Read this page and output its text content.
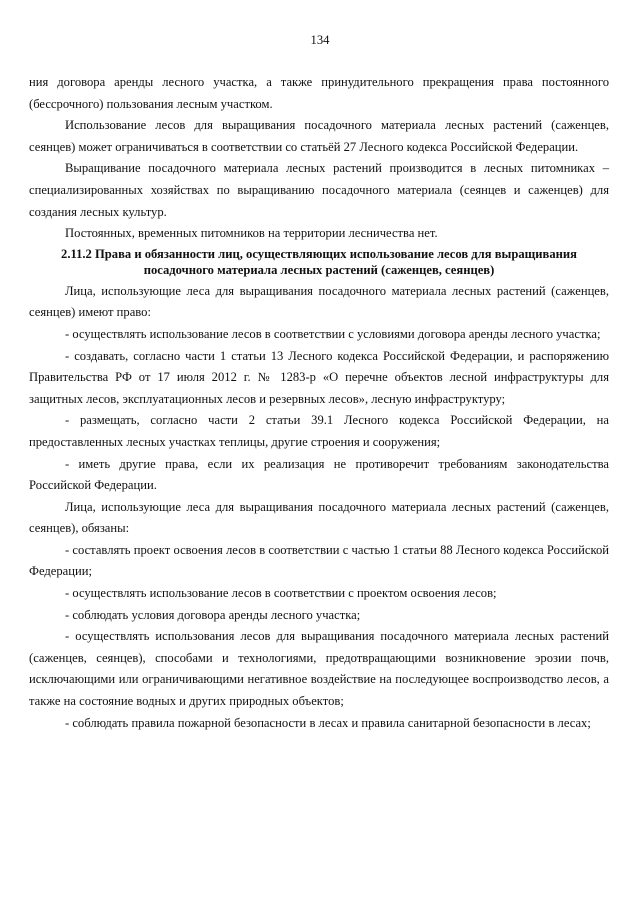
134

ния договора аренды лесного участка, а также принудительного прекращения права постоянного (бессрочного) пользования лесным участком.

Использование лесов для выращивания посадочного материала лесных растений (саженцев, сеянцев) может ограничиваться в соответствии со статьёй 27 Лесного кодекса Российской Федерации.

Выращивание посадочного материала лесных растений производится в лесных питомниках – специализированных хозяйствах по выращиванию посадочного материала (сеянцев и саженцев) для создания лесных культур.

Постоянных, временных питомников на территории лесничества нет.

2.11.2 Права и обязанности лиц, осуществляющих использование лесов для выращивания посадочного материала лесных растений (саженцев, сеянцев)

Лица, использующие леса для выращивания посадочного материала лесных растений (саженцев, сеянцев) имеют право:

- осуществлять использование лесов в соответствии с условиями договора аренды лесного участка;

- создавать, согласно части 1 статьи 13 Лесного кодекса Российской Федерации, и распоряжению Правительства РФ от 17 июля 2012 г. № 1283-р «О перечне объектов лесной инфраструктуры для защитных лесов, эксплуатационных лесов и резервных лесов», лесную инфраструктуру;

- размещать, согласно части 2 статьи 39.1 Лесного кодекса Российской Федерации, на предоставленных лесных участках теплицы, другие строения и сооружения;

- иметь другие права, если их реализация не противоречит требованиям законодательства Российской Федерации.

Лица, использующие леса для выращивания посадочного материала лесных растений (саженцев, сеянцев), обязаны:

- составлять проект освоения лесов в соответствии с частью 1 статьи 88 Лесного кодекса Российской Федерации;

- осуществлять использование лесов в соответствии с проектом освоения лесов;

- соблюдать условия договора аренды лесного участка;

- осуществлять использования лесов для выращивания посадочного материала лесных растений (саженцев, сеянцев), способами и технологиями, предотвращающими возникновение эрозии почв, исключающими или ограничивающими негативное воздействие на последующее воспроизводство лесов, а также на состояние водных и других природных объектов;

- соблюдать правила пожарной безопасности в лесах и правила санитарной безопасности в лесах;
